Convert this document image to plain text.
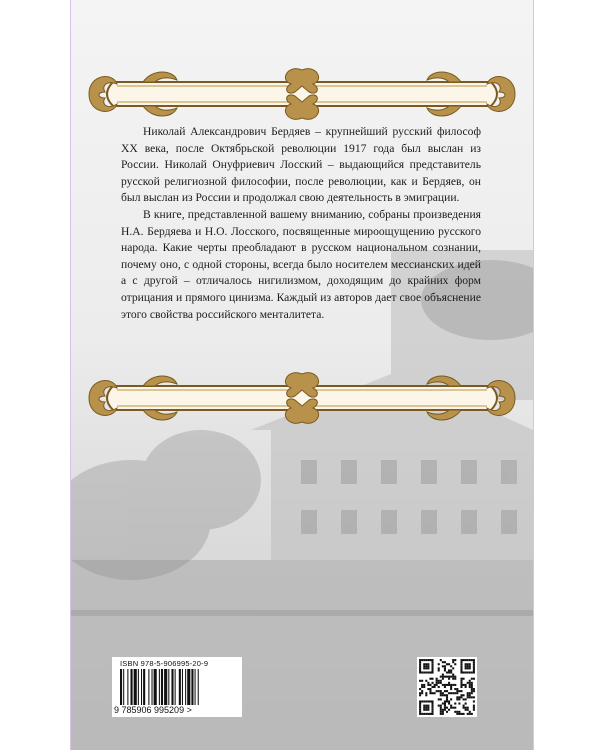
Николай Александрович Бердяев – крупнейший русский философ XX века, после Октябрьской революции 1917 года был выслан из России. Николай Онуфриевич Лосский – выдающийся представитель русской религиозной философии, после революции, как и Бердяев, он был выслан из России и продолжал свою деятельность в эмиграции.

В книге, представленной вашему вниманию, собраны произведения Н.А. Бердяева и Н.О. Лосского, посвященные мироощущению русского народа. Какие черты преобладают в русском национальном сознании, почему оно, с одной стороны, всегда было носителем мессианских идей а с другой – отличалось нигилизмом, доходящим до крайних форм отрицания и прямого цинизма. Каждый из авторов дает свое объяснение этого свойства российского менталитета.

ISBN 978-5-906995-20-9
9 785906 995209 >
